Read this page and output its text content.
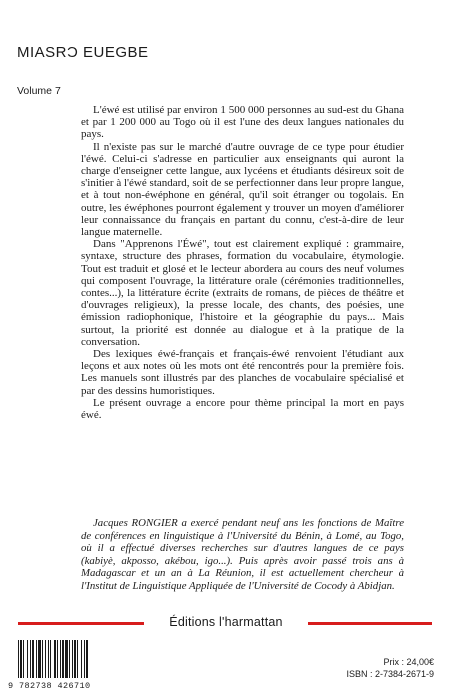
MIASRƆ EUEGBE
Volume 7

L'éwé est utilisé par environ 1 500 000 personnes au sud-est du Ghana et par 1 200 000 au Togo où il est l'une des deux langues nationales du pays.

Il n'existe pas sur le marché d'autre ouvrage de ce type pour étudier l'éwé. Celui-ci s'adresse en particulier aux enseignants qui auront la charge d'enseigner cette langue, aux lycéens et étudiants désireux soit de s'initier à l'éwé standard, soit de se perfectionner dans leur propre langue, et à tout non-éwéphone en général, qu'il soit étranger ou togolais. En outre, les éwéphones pourront également y trouver un moyen d'améliorer leur connaissance du français en partant du connu, c'est-à-dire de leur langue maternelle.

Dans "Apprenons l'Éwé", tout est clairement expliqué : grammaire, syntaxe, structure des phrases, formation du vocabulaire, étymologie. Tout est traduit et glosé et le lecteur abordera au cours des neuf volumes qui composent l'ouvrage, la littérature orale (cérémonies traditionnelles, contes...), la littérature écrite (extraits de romans, de pièces de théâtre et d'ouvrages religieux), la presse locale, des chants, des poésies, une émission radiophonique, l'histoire et la géographie du pays... Mais surtout, la priorité est donnée au dialogue et à la pratique de la conversation.

Des lexiques éwé-français et français-éwé renvoient l'étudiant aux leçons et aux notes où les mots ont été rencontrés pour la première fois. Les manuels sont illustrés par des planches de vocabulaire spécialisé et par des dessins humoristiques.

Le présent ouvrage a encore pour thème principal la mort en pays éwé.

Jacques RONGIER a exercé pendant neuf ans les fonctions de Maître de conférences en linguistique à l'Université du Bénin, à Lomé, au Togo, où il a effectué diverses recherches sur d'autres langues de ce pays (kabiyè, akposso, akébou, igo...). Puis après avoir passé trois ans à Madagascar et un an à La Réunion, il est actuellement chercheur à l'Institut de Linguistique Appliquée de l'Université de Cocody à Abidjan.

Éditions l'harmattan
9 782738 426710
Prix : 24,00€
ISBN : 2-7384-2671-9
